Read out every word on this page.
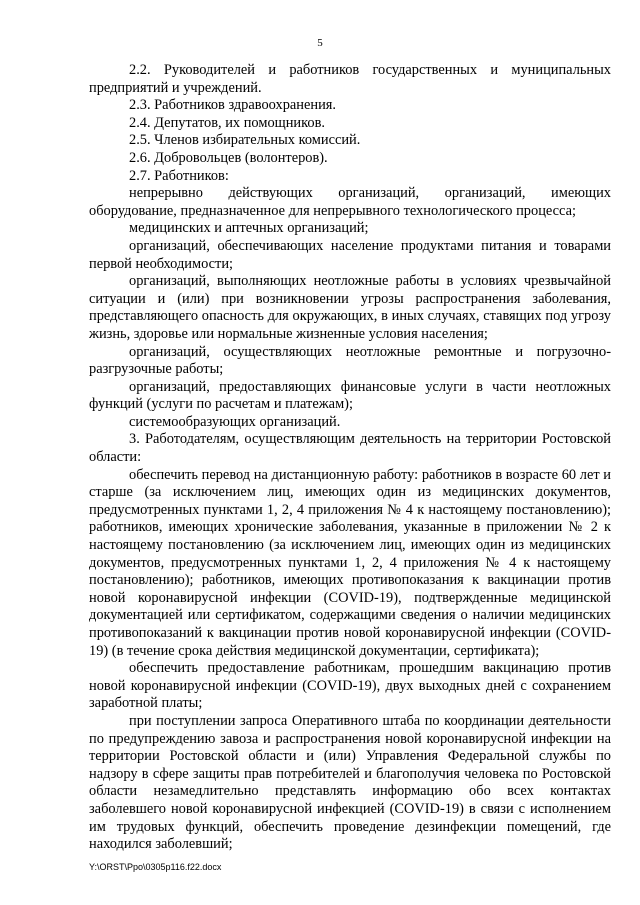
5

2.2. Руководителей и работников государственных и муниципальных предприятий и учреждений.

2.3. Работников здравоохранения.

2.4. Депутатов, их помощников.

2.5. Членов избирательных комиссий.

2.6. Добровольцев (волонтеров).

2.7. Работников:

непрерывно действующих организаций, организаций, имеющих оборудование, предназначенное для непрерывного технологического процесса;

медицинских и аптечных организаций;

организаций, обеспечивающих население продуктами питания и товарами первой необходимости;

организаций, выполняющих неотложные работы в условиях чрезвычайной ситуации и (или) при возникновении угрозы распространения заболевания, представляющего опасность для окружающих, в иных случаях, ставящих под угрозу жизнь, здоровье или нормальные жизненные условия населения;

организаций, осуществляющих неотложные ремонтные и погрузочно-разгрузочные работы;

организаций, предоставляющих финансовые услуги в части неотложных функций (услуги по расчетам и платежам);

системообразующих организаций.

3. Работодателям, осуществляющим деятельность на территории Ростовской области:

обеспечить перевод на дистанционную работу: работников в возрасте 60 лет и старше (за исключением лиц, имеющих один из медицинских документов, предусмотренных пунктами 1, 2, 4 приложения № 4 к настоящему постановлению); работников, имеющих хронические заболевания, указанные в приложении № 2 к настоящему постановлению (за исключением лиц, имеющих один из медицинских документов, предусмотренных пунктами 1, 2, 4 приложения № 4 к настоящему постановлению); работников, имеющих противопоказания к вакцинации против новой коронавирусной инфекции (COVID-19), подтвержденные медицинской документацией или сертификатом, содержащими сведения о наличии медицинских противопоказаний к вакцинации против новой коронавирусной инфекции (COVID-19) (в течение срока действия медицинской документации, сертификата);

обеспечить предоставление работникам, прошедшим вакцинацию против новой коронавирусной инфекции (COVID-19), двух выходных дней с сохранением заработной платы;

при поступлении запроса Оперативного штаба по координации деятельности по предупреждению завоза и распространения новой коронавирусной инфекции на территории Ростовской области и (или) Управления Федеральной службы по надзору в сфере защиты прав потребителей и благополучия человека по Ростовской области незамедлительно представлять информацию обо всех контактах заболевшего новой коронавирусной инфекцией (COVID-19) в связи с исполнением им трудовых функций, обеспечить проведение дезинфекции помещений, где находился заболевший;

Y:\ORST\Ppo\0305p116.f22.docx
